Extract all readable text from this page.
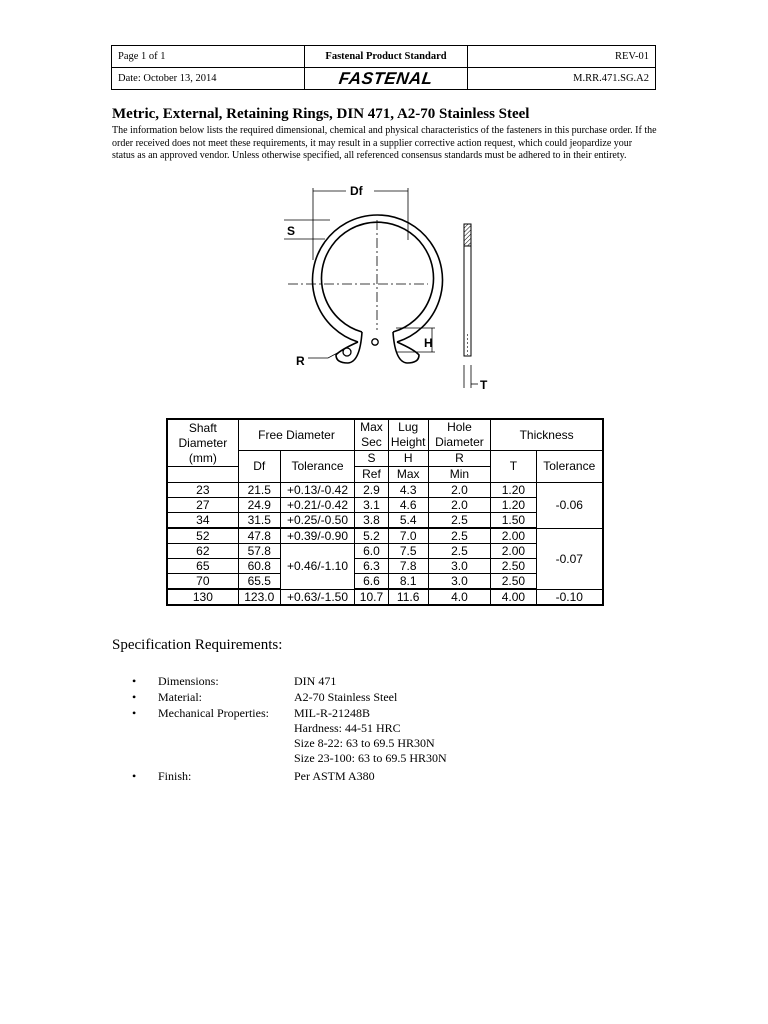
Page 1 of 1	Fastenal Product Standard	REV-01
Date: October 13, 2014	FASTENAL	M.RR.471.SG.A2
Metric, External, Retaining Rings, DIN 471, A2-70 Stainless Steel
The information below lists the required dimensional, chemical and physical characteristics of the fasteners in this purchase order. If the order received does not meet these requirements, it may result in a supplier corrective action request, which could jeopardize your status as an approved vendor. Unless otherwise specified, all referenced consensus standards must be adhered to in their entirety.
Df
S
H
R
T
Shaft Diameter (mm)	Free Diameter		Max Sec	Lug Height	Hole Diameter	Thickness	

	Df	Tolerance	S	H	R	T	Tolerance
			Ref	Max	Min		
23	21.5	+0.13/-0.42	2.9	4.3	2.0	1.20	-0.06
27	24.9	+0.21/-0.42	3.1	4.6	2.0	1.20	
34	31.5	+0.25/-0.50	3.8	5.4	2.5	1.50	
52	47.8	+0.39/-0.90	5.2	7.0	2.5	2.00	-0.07
62	57.8	+0.46/-1.10	6.0	7.5	2.5	2.00	
65	60.8		6.3	7.8	3.0	2.50	
70	65.5		6.6	8.1	3.0	2.50	
130	123.0	+0.63/-1.50	10.7	11.6	4.0	4.00	-0.10
Specification Requirements:
•	Dimensions:	DIN 471
•	Material:	A2-70 Stainless Steel
•	Mechanical Properties: MIL-R-21248B
Hardness: 44-51 HRC
Size 8-22: 63 to 69.5 HR30N
Size 23-100: 63 to 69.5 HR30N
•	Finish:	Per ASTM A380
